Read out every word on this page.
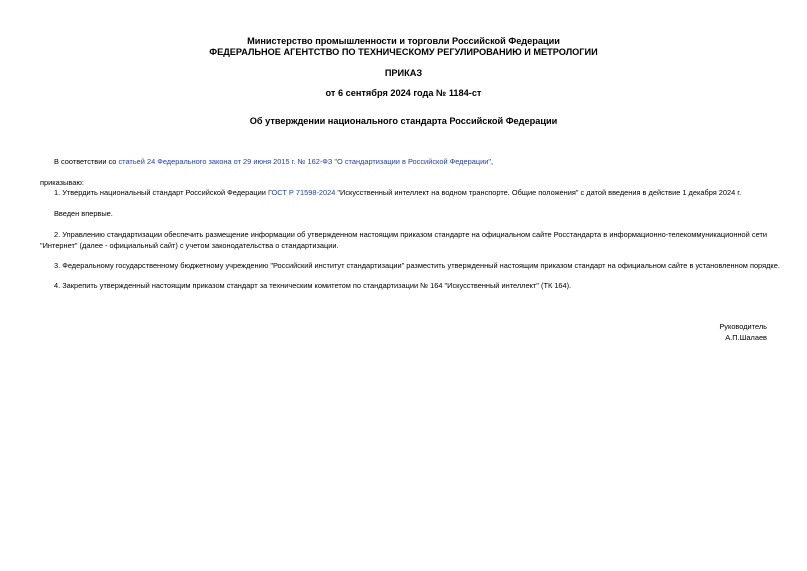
Министерство промышленности и торговли Российской Федерации
ФЕДЕРАЛЬНОЕ АГЕНТСТВО ПО ТЕХНИЧЕСКОМУ РЕГУЛИРОВАНИЮ И МЕТРОЛОГИИ
ПРИКАЗ
от 6 сентября 2024 года № 1184-ст
Об утверждении национального стандарта Российской Федерации
В соответствии со статьей 24 Федерального закона от 29 июня 2015 г. № 162-ФЗ "О стандартизации в Российской Федерации",
приказываю:
1. Утвердить национальный стандарт Российской Федерации ГОСТ Р 71598-2024 "Искусственный интеллект на водном транспорте. Общие положения" с датой введения в действие 1 декабря 2024 г.
Введен впервые.
2. Управлению стандартизации обеспечить размещение информации об утвержденном настоящим приказом стандарте на официальном сайте Росстандарта в информационно-телекоммуникационной сети "Интернет" (далее - официальный сайт) с учетом законодательства о стандартизации.
3. Федеральному государственному бюджетному учреждению "Российский институт стандартизации" разместить утвержденный настоящим приказом стандарт на официальном сайте в установленном порядке.
4. Закрепить утвержденный настоящим приказом стандарт за техническим комитетом по стандартизации № 164 "Искусственный интеллект" (ТК 164).
Руководитель
А.П.Шалаев
